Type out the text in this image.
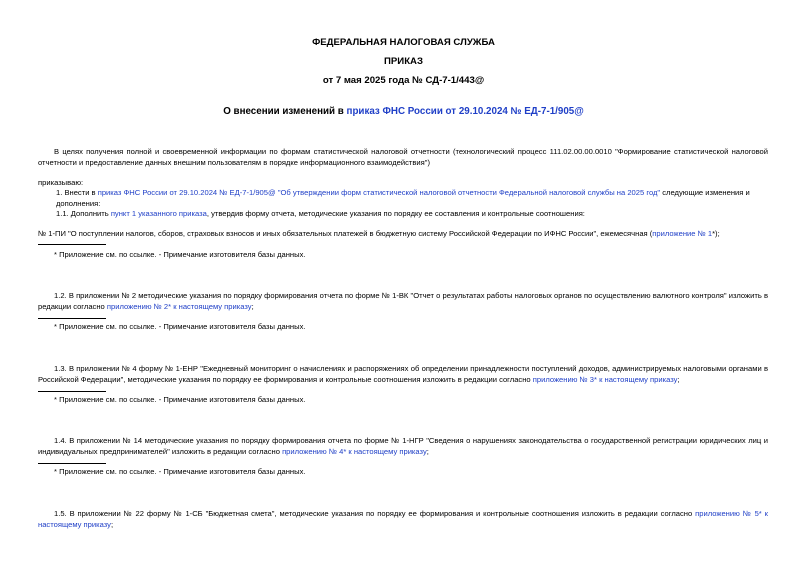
ФЕДЕРАЛЬНАЯ НАЛОГОВАЯ СЛУЖБА
ПРИКАЗ
от 7 мая 2025 года № СД-7-1/443@
О внесении изменений в приказ ФНС России от 29.10.2024 № ЕД-7-1/905@
В целях получения полной и своевременной информации по формам статистической налоговой отчетности (технологический процесс 111.02.00.00.0010 "Формирование статистической налоговой отчетности и предоставление данных внешним пользователям в порядке информационного взаимодействия")
приказываю:
1. Внести в приказ ФНС России от 29.10.2024 № ЕД-7-1/905@ "Об утверждении форм статистической налоговой отчетности Федеральной налоговой службы на 2025 год" следующие изменения и дополнения:
1.1. Дополнить пункт 1 указанного приказа, утвердив форму отчета, методические указания по порядку ее составления и контрольные соотношения:
№ 1-ПИ "О поступлении налогов, сборов, страховых взносов и иных обязательных платежей в бюджетную систему Российской Федерации по ИФНС России", ежемесячная (приложение № 1*);
* Приложение см. по ссылке. - Примечание изготовителя базы данных.
1.2. В приложении № 2 методические указания по порядку формирования отчета по форме № 1-ВК "Отчет о результатах работы налоговых органов по осуществлению валютного контроля" изложить в редакции согласно приложению № 2* к настоящему приказу;
* Приложение см. по ссылке. - Примечание изготовителя базы данных.
1.3. В приложении № 4 форму № 1-ЕНР "Ежедневный мониторинг о начислениях и распоряжениях об определении принадлежности поступлений доходов, администрируемых налоговыми органами в Российской Федерации", методические указания по порядку ее формирования и контрольные соотношения изложить в редакции согласно приложению № 3* к настоящему приказу;
* Приложение см. по ссылке. - Примечание изготовителя базы данных.
1.4. В приложении № 14 методические указания по порядку формирования отчета по форме № 1-НГР "Сведения о нарушениях законодательства о государственной регистрации юридических лиц и индивидуальных предпринимателей" изложить в редакции согласно приложению № 4* к настоящему приказу;
* Приложение см. по ссылке. - Примечание изготовителя базы данных.
1.5. В приложении № 22 форму № 1-СБ "Бюджетная смета", методические указания по порядку ее формирования и контрольные соотношения изложить в редакции согласно приложению № 5* к настоящему приказу;
